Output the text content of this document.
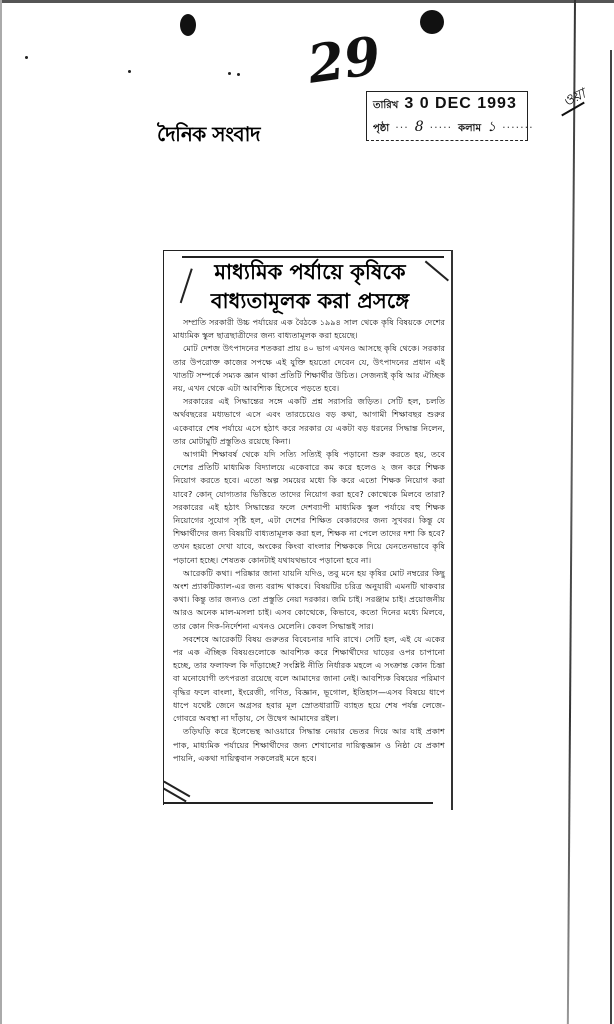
29
ওয়া
দৈনিক সংবাদ
তারিখ 3 0 DEC 1993
পৃষ্ঠা ··· 8 ····· কলাম ১ ·······
মাধ্যমিক পর্যায়ে কৃষিকে
বাধ্যতামূলক করা প্রসঙ্গে

সম্প্রতি সরকারী উচ্চ পর্যায়ের এক বৈঠকে ১৯৯৪ সাল থেকে কৃষি বিষয়কে দেশের মাধ্যমিক স্কুল ছাত্রছাত্রীদের জন্য বাধ্যতামূলক করা হয়েছে।

মোট দেশজ উৎপাদনের শতকরা প্রায় ৪০ ভাগ এখনও আসছে কৃষি থেকে। সরকার তার উপরোক্ত কাজের সপক্ষে এই যুক্তি হয়তো দেবেন যে, উৎপাদনের প্রধান এই খাতটি সম্পর্কে সম্যক জ্ঞান থাকা প্রতিটি শিক্ষার্থীর উচিত। সেজন্যই কৃষি আর ঐচ্ছিক নয়, এখন থেকে এটা আবশ্যিক হিসেবে পড়তে হবে।

সরকারের এই সিদ্ধান্তের সঙ্গে একটি প্রশ্ন সরাসরি জড়িত। সেটি হল, চলতি অর্থবছরের মধ্যভাগে এসে এবং তারচেয়েও বড় কথা, আগামী শিক্ষাবছর শুরুর একেবারে শেষ পর্যায়ে এসে হঠাৎ করে সরকার যে একটা বড় ধরনের সিদ্ধান্ত নিলেন, তার মোটামুটি প্রস্তুতিও রয়েছে কিনা।

আগামী শিক্ষাবর্ষ থেকে যদি সত্যি সত্যিই কৃষি পড়ানো শুরু করতে হয়, তবে দেশের প্রতিটি মাধ্যমিক বিদ্যালয়ে একেবারে কম করে হলেও ২ জন করে শিক্ষক নিয়োগ করতে হবে। এতো অল্প সময়ের মধ্যে কি করে এতো শিক্ষক নিয়োগ করা যাবে? কোন্ যোগ্যতার ভিত্তিতে তাদের নিয়োগ করা হবে? কোত্থেকে মিলবে তারা? সরকারের এই হঠাৎ সিদ্ধান্তের ফলে দেশব্যাপী মাধ্যমিক স্কুল পর্যায়ে বহু শিক্ষক নিয়োগের সুযোগ সৃষ্টি হল, এটা দেশের শিক্ষিত বেকারদের জন্য সুখবর। কিন্তু যে শিক্ষার্থীদের জন্য বিষয়টি বাধ্যতামূলক করা হল, শিক্ষক না পেলে তাদের দশা কি হবে? তখন হয়তো দেখা যাবে, অংকের কিংবা বাংলার শিক্ষককে দিয়ে যেনতেনভাবে কৃষি পড়ানো হচ্ছে। শেষতক কোনটাই যথাযথভাবে পড়ানো হবে না।

আরেকটি কথা। পরিষ্কার জানা যায়নি যদিও, তবু মনে হয় কৃষির মোট নম্বরের কিছু অংশ প্র্যাকটিক্যাল-এর জন্য বরাদ্দ থাকবে। বিষয়টির চরিত্র অনুযায়ী এমনটি থাকবার কথা। কিন্তু তার জন্যও তো প্রস্তুতি নেয়া দরকার। জমি চাই। সরঞ্জাম চাই। প্রয়োজনীয় আরও অনেক মাল-মসলা চাই। এসব কোত্থেকে, কিভাবে, কতো দিনের মধ্যে মিলবে, তার কোন দিক-নির্দেশনা এখনও মেলেনি। কেবল সিদ্ধান্তই সার।

সবশেষে আরেকটি বিষয় গুরুতর বিবেচনার দাবি রাখে। সেটি হল, এই যে একের পর এক ঐচ্ছিক বিষয়গুলোকে আবশ্যিক করে শিক্ষার্থীদের ঘাড়ের ওপর চাপানো হচ্ছে, তার ফলাফল কি দাঁড়াচ্ছে? সংশ্লিষ্ট নীতি নির্ধারক মহলে এ সংক্রান্ত কোন চিন্তা বা মনোযোগী তৎপরতা রয়েছে বলে আমাদের জানা নেই। আবশ্যিক বিষয়ের পরিমাণ বৃদ্ধির ফলে বাংলা, ইংরেজী, গণিত, বিজ্ঞান, ভূগোল, ইতিহাস—এসব বিষয়ে ধাপে ধাপে যথেষ্ট জেনে অগ্রসর হবার মূল স্রোতধারাটি ব্যাহত হয়ে শেষ পর্যন্ত লেজে-গোবরে অবস্থা না দাঁড়ায়, সে উদ্বেগ আমাদের রইল।

তড়িঘড়ি করে ইলেভেন্থ আওয়ারে সিদ্ধান্ত নেয়ার ভেতর দিয়ে আর যাই প্রকাশ পাক, মাধ্যমিক পর্যায়ের শিক্ষার্থীদের জন্য শেখানোর দায়িত্বজ্ঞান ও নিষ্ঠা যে প্রকাশ পায়নি, একথা দায়িত্ববান সকলেরই মনে হবে।
